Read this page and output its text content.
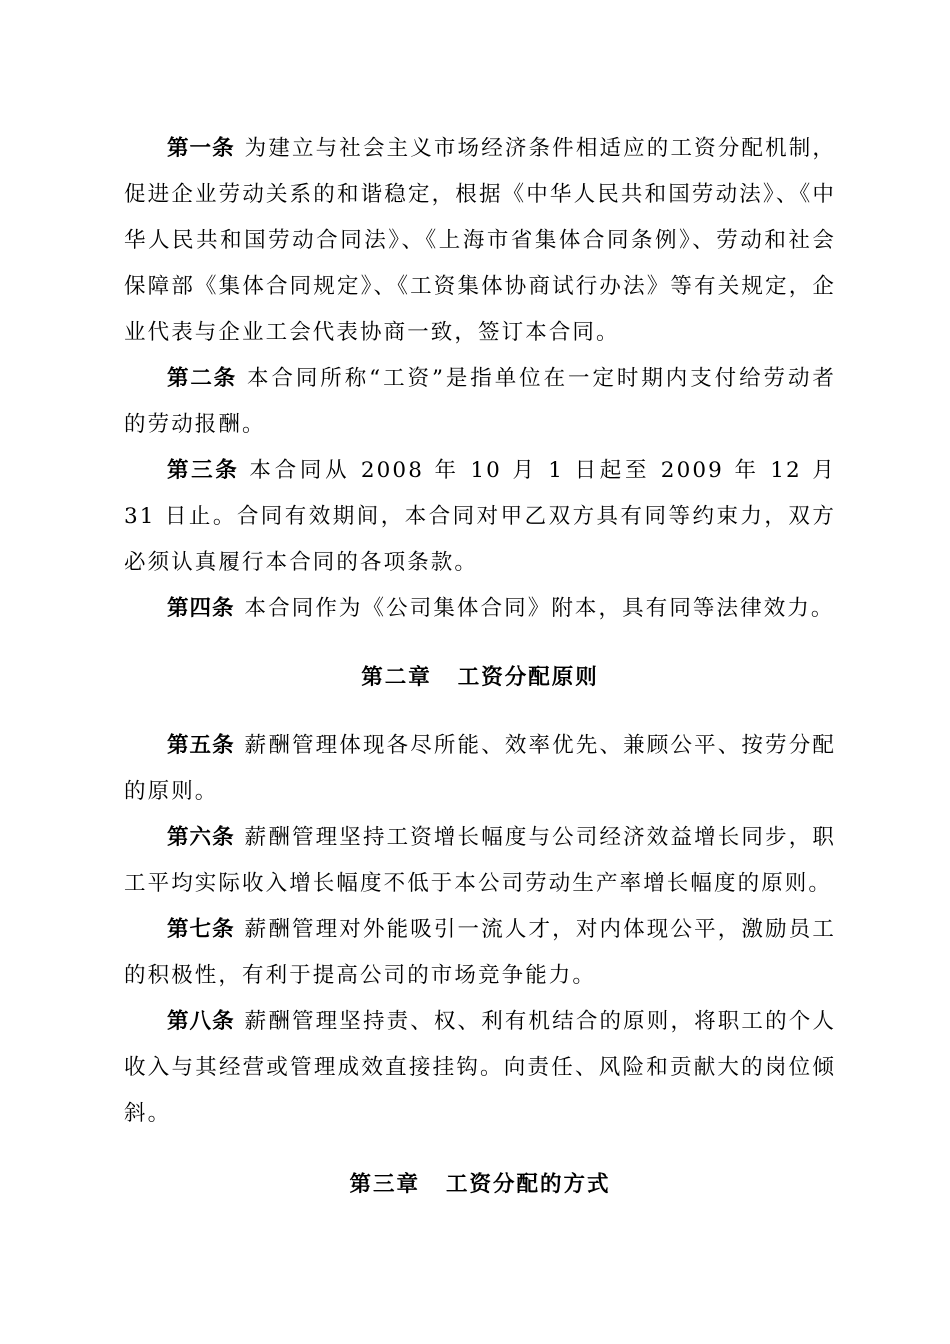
第一条 为建立与社会主义市场经济条件相适应的工资分配机制，促进企业劳动关系的和谐稳定，根据《中华人民共和国劳动法》、《中华人民共和国劳动合同法》、《上海市省集体合同条例》、劳动和社会保障部《集体合同规定》、《工资集体协商试行办法》等有关规定，企业代表与企业工会代表协商一致，签订本合同。

第二条 本合同所称“工资”是指单位在一定时期内支付给劳动者的劳动报酬。

第三条 本合同从 2008 年 10 月 1 日起至 2009 年 12 月 31 日止。合同有效期间，本合同对甲乙双方具有同等约束力，双方必须认真履行本合同的各项条款。

第四条 本合同作为《公司集体合同》附本，具有同等法律效力。

第二章 工资分配原则

第五条 薪酬管理体现各尽所能、效率优先、兼顾公平、按劳分配的原则。

第六条 薪酬管理坚持工资增长幅度与公司经济效益增长同步，职工平均实际收入增长幅度不低于本公司劳动生产率增长幅度的原则。

第七条 薪酬管理对外能吸引一流人才，对内体现公平，激励员工的积极性，有利于提高公司的市场竞争能力。

第八条 薪酬管理坚持责、权、利有机结合的原则，将职工的个人收入与其经营或管理成效直接挂钩。向责任、风险和贡献大的岗位倾斜。

第三章 工资分配的方式
